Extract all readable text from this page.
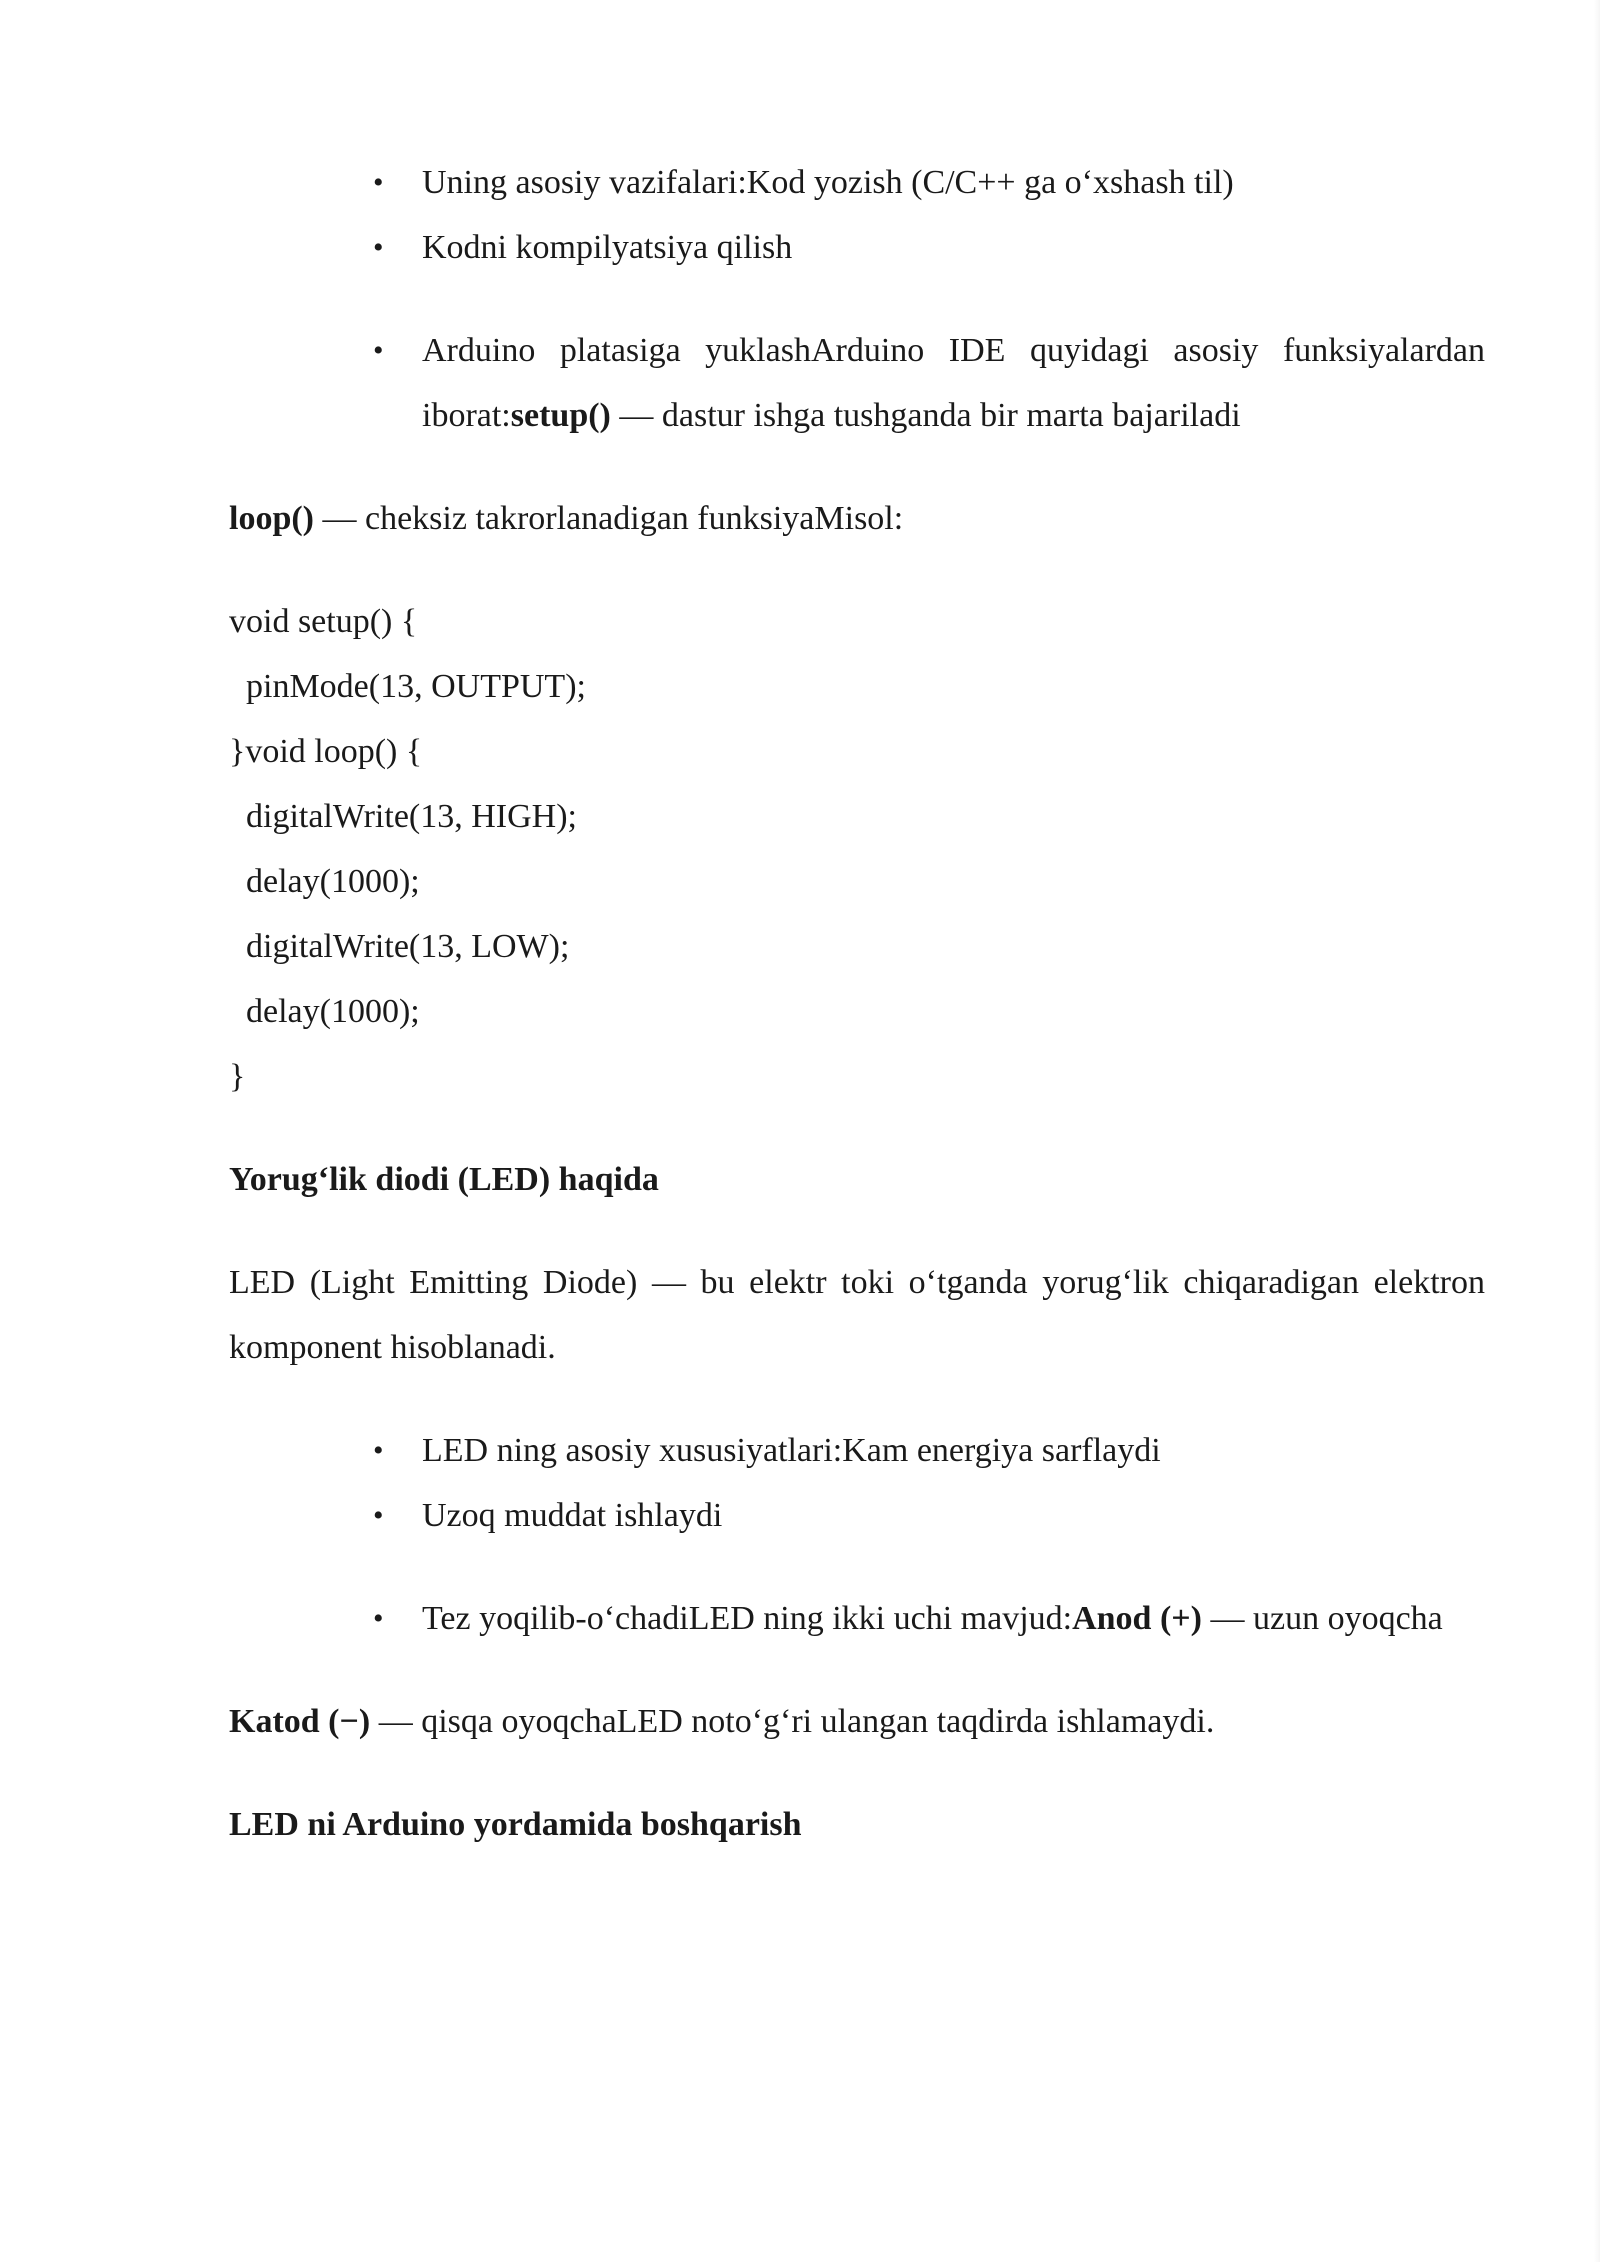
• Uning asosiy vazifalari:Kod yozish (C/C++ ga o‘xshash til)
• Kodni kompilyatsiya qilish
• Arduino platasiga yuklashArduino IDE quyidagi asosiy funksiyalardan iborat:setup() — dastur ishga tushganda bir marta bajariladi

loop() — cheksiz takrorlanadigan funksiyaMisol:

void setup() {
pinMode(13, OUTPUT);
}void loop() {
digitalWrite(13, HIGH);
delay(1000);
digitalWrite(13, LOW);
delay(1000);
}

Yorug‘lik diodi (LED) haqida

LED (Light Emitting Diode) — bu elektr toki o‘tganda yorug‘lik chiqaradigan elektron komponent hisoblanadi.

• LED ning asosiy xususiyatlari:Kam energiya sarflaydi
• Uzoq muddat ishlaydi
• Tez yoqilib-o‘chadiLED ning ikki uchi mavjud:Anod (+) — uzun oyoqcha

Katod (−) — qisqa oyoqchaLED noto‘g‘ri ulangan taqdirda ishlamaydi.

LED ni Arduino yordamida boshqarish
